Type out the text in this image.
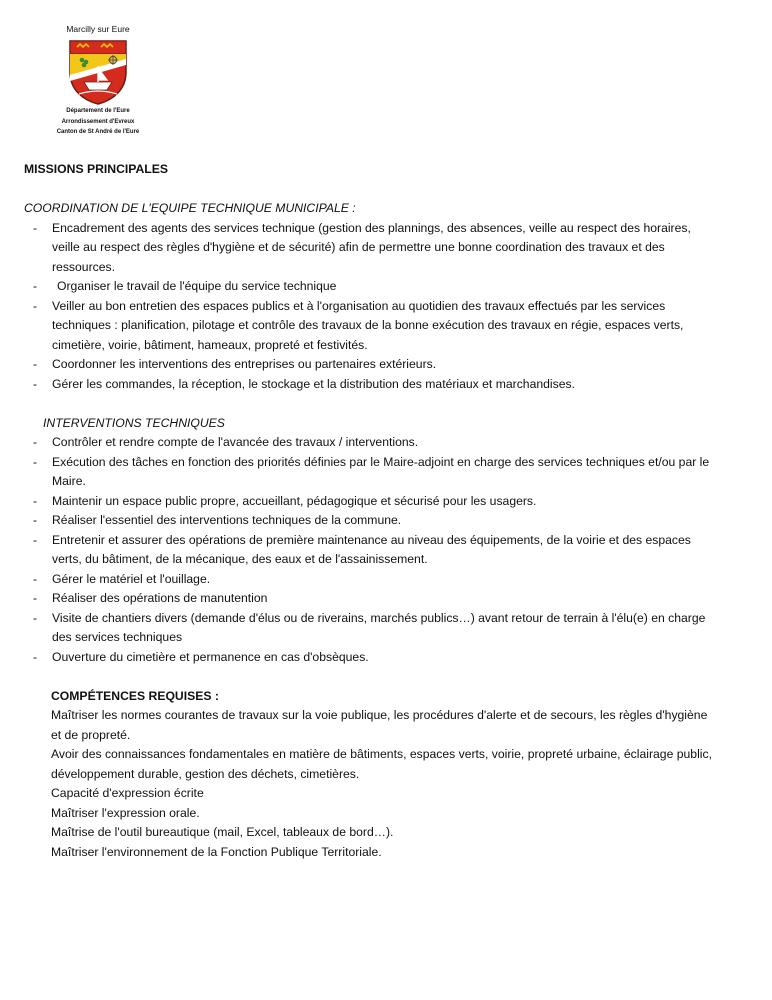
Marcilly sur Eure
Département de l'Eure
Arrondissement d'Evreux
Canton de St André de l'Eure
MISSIONS PRINCIPALES
COORDINATION DE L'EQUIPE TECHNIQUE MUNICIPALE :
- Encadrement des agents des services technique (gestion des plannings, des absences, veille au respect des horaires, veille au respect des règles d'hygiène et de sécurité) afin de permettre une bonne coordination des travaux et des ressources.
- Organiser le travail de l'équipe du service technique
- Veiller au bon entretien des espaces publics et à l'organisation au quotidien des travaux effectués par les services techniques : planification, pilotage et contrôle des travaux de la bonne exécution des travaux en régie, espaces verts, cimetière, voirie, bâtiment, hameaux, propreté et festivités.
- Coordonner les interventions des entreprises ou partenaires extérieurs.
- Gérer les commandes, la réception, le stockage et la distribution des matériaux et marchandises.
INTERVENTIONS TECHNIQUES
- Contrôler et rendre compte de l'avancée des travaux / interventions.
- Exécution des tâches en fonction des priorités définies par le Maire-adjoint en charge des services techniques et/ou par le Maire.
- Maintenir un espace public propre, accueillant, pédagogique et sécurisé pour les usagers.
- Réaliser l'essentiel des interventions techniques de la commune.
- Entretenir et assurer des opérations de première maintenance au niveau des équipements, de la voirie et des espaces verts, du bâtiment, de la mécanique, des eaux et de l'assainissement.
- Gérer le matériel et l'ouillage.
- Réaliser des opérations de manutention
- Visite de chantiers divers (demande d'élus ou de riverains, marchés publics…) avant retour de terrain à l'élu(e) en charge des services techniques
- Ouverture du cimetière et permanence en cas d'obsèques.
COMPÉTENCES REQUISES :
Maîtriser les normes courantes de travaux sur la voie publique, les procédures d'alerte et de secours, les règles d'hygiène et de propreté.
Avoir des connaissances fondamentales en matière de bâtiments, espaces verts, voirie, propreté urbaine, éclairage public, développement durable, gestion des déchets, cimetières.
Capacité d'expression écrite
Maîtriser l'expression orale.
Maîtrise de l'outil bureautique (mail, Excel, tableaux de bord…).
Maîtriser l'environnement de la Fonction Publique Territoriale.
